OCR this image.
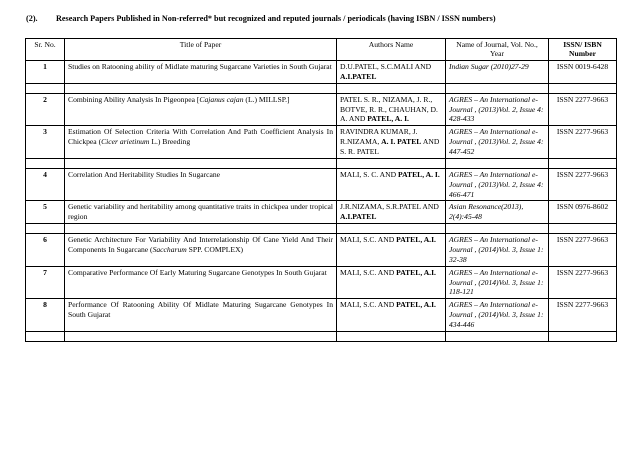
(2). Research Papers Published in Non-referred* but recognized and reputed journals / periodicals (having ISBN / ISSN numbers)
Sr. No.	Title of Paper	Authors Name	Name of Journal, Vol. No., Year	ISSN/ ISBN Number
1	Studies on Ratooning ability of Midlate maturing Sugarcane Varieties in South Gujarat	D.U.PATEL, S.C.MALI AND A.I.PATEL	Indian Sugar (2010)27-29	ISSN 0019-6428

2	Combining Ability Analysis In Pigeonpea [Cajanus cajan (L.) MILLSP.]	PATEL S. R., NIZAMA, J. R., BOTVE, R. R., CHAUHAN, D. A. AND PATEL, A. I.	AGRES – An International e-Journal , (2013)Vol. 2, Issue 4: 428-433	ISSN 2277-9663
3	Estimation Of Selection Criteria With Correlation And Path Coefficient Analysis In Chickpea (Cicer arietinum L.) Breeding	RAVINDRA KUMAR, J. R.NIZAMA, A. I. PATEL AND S. R. PATEL	AGRES – An International e-Journal , (2013)Vol. 2, Issue 4: 447-452	ISSN 2277-9663

4	Correlation And Heritability Studies In Sugarcane	MALI, S. C. AND PATEL, A. I.	AGRES – An International e-Journal , (2013)Vol. 2, Issue 4: 466-471	ISSN 2277-9663
5	Genetic variability and heritability among quantitative traits in chickpea under tropical region	J.R.NIZAMA, S.R.PATEL AND A.I.PATEL	Asian Resonance(2013), 2(4):45-48	ISSN 0976-8602

6	Genetic Architecture For Variability And Interrelationship Of Cane Yield And Their Components In Sugarcane (Saccharum SPP. COMPLEX)	MALI, S.C. AND PATEL, A.I.	AGRES – An International e-Journal , (2014)Vol. 3, Issue 1: 32-38	ISSN 2277-9663
7	Comparative Performance Of Early Maturing Sugarcane Genotypes In South Gujarat	MALI, S.C. AND PATEL, A.I.	AGRES – An International e-Journal , (2014)Vol. 3, Issue 1: 118-121	ISSN 2277-9663
8	Performance Of Ratooning Ability Of Midlate Maturing Sugarcane Genotypes In South Gujarat	MALI, S.C. AND PATEL, A.I.	AGRES – An International e-Journal , (2014)Vol. 3, Issue 1: 434-446	ISSN 2277-9663
